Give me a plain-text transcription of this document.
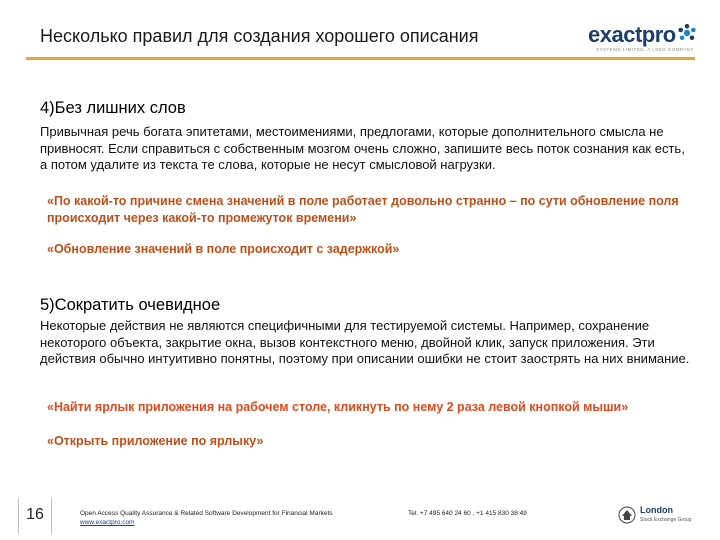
Несколько правил для создания хорошего описания	exactpro
SYSTEMS LIMITED, A LSEG COMPANY
4)Без лишних слов
Привычная речь богата эпитетами, местоимениями, предлогами, которые дополнительного смысла не привносят. Если справиться с собственным мозгом очень сложно, запишите весь поток сознания как есть, а потом удалите из текста те слова, которые не несут смысловой нагрузки.
«По какой-то причине смена значений в поле работает довольно странно – по сути обновление поля происходит через какой-то промежуток времени»
«Обновление значений в поле происходит с задержкой»
5)Сократить очевидное
Некоторые действия не являются специфичными для тестируемой системы. Например, сохранение некоторого объекта, закрытие окна, вызов контекстного меню, двойной клик, запуск приложения. Эти действия обычно интуитивно понятны, поэтому при описании ошибки не стоит заострять на них внимание.
«Найти ярлык приложения на рабочем столе, кликнуть по нему 2 раза левой кнопкой мыши»
«Открыть приложение по ярлыку»
16	Open Access Quality Assurance & Related Software Development for Financial Markets
www.exactpro.com
Tel: +7 495 640 24 60 , +1 415 830 38 49	London
Stock Exchange Group
